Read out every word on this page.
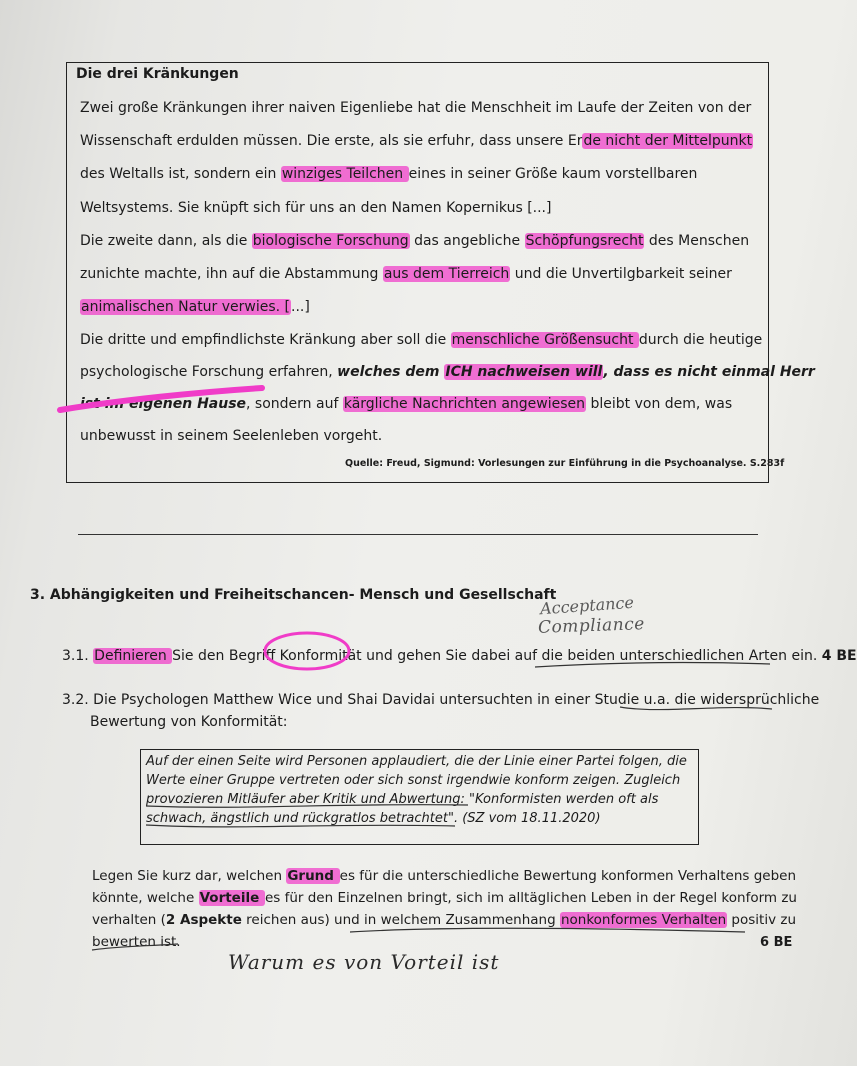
Die drei Kränkungen
Zwei große Kränkungen ihrer naiven Eigenliebe hat die Menschheit im Laufe der Zeiten von der
Wissenschaft erdulden müssen. Die erste, als sie erfuhr, dass unsere Erde nicht der Mittelpunkt
des Weltalls ist, sondern ein winziges Teilchen eines in seiner Größe kaum vorstellbaren
Weltsystems. Sie knüpft sich für uns an den Namen Kopernikus [...]
Die zweite dann, als die biologische Forschung das angebliche Schöpfungsrecht des Menschen
zunichte machte, ihn auf die Abstammung aus dem Tierreich und die Unvertilgbarkeit seiner
animalischen Natur verwies. [...]
Die dritte und empfindlichste Kränkung aber soll die menschliche Größensucht durch die heutige
psychologische Forschung erfahren, welches dem ICH nachweisen will, dass es nicht einmal Herr
ist im eigenen Hause, sondern auf kärgliche Nachrichten angewiesen bleibt von dem, was
unbewusst in seinem Seelenleben vorgeht.
Quelle: Freud, Sigmund: Vorlesungen zur Einführung in die Psychoanalyse. S.283f
3. Abhängigkeiten und Freiheitschancen- Mensch und Gesellschaft
Acceptance
Compliance
3.1. Definieren Sie den Begriff Konformität und gehen Sie dabei auf die beiden unterschiedlichen Arten ein. 4 BE
3.2. Die Psychologen Matthew Wice und Shai Davidai untersuchten in einer Studie u.a. die widersprüchliche
Bewertung von Konformität:
Auf der einen Seite wird Personen applaudiert, die der Linie einer Partei folgen, die
Werte einer Gruppe vertreten oder sich sonst irgendwie konform zeigen. Zugleich
provozieren Mitläufer aber Kritik und Abwertung: "Konformisten werden oft als
schwach, ängstlich und rückgratlos betrachtet". (SZ vom 18.11.2020)
Legen Sie kurz dar, welchen Grund es für die unterschiedliche Bewertung konformen Verhaltens geben
könnte, welche Vorteile es für den Einzelnen bringt, sich im alltäglichen Leben in der Regel konform zu
verhalten (2 Aspekte reichen aus) und in welchem Zusammenhang nonkonformes Verhalten positiv zu
bewerten ist.	6 BE
Warum es von Vorteil ist
